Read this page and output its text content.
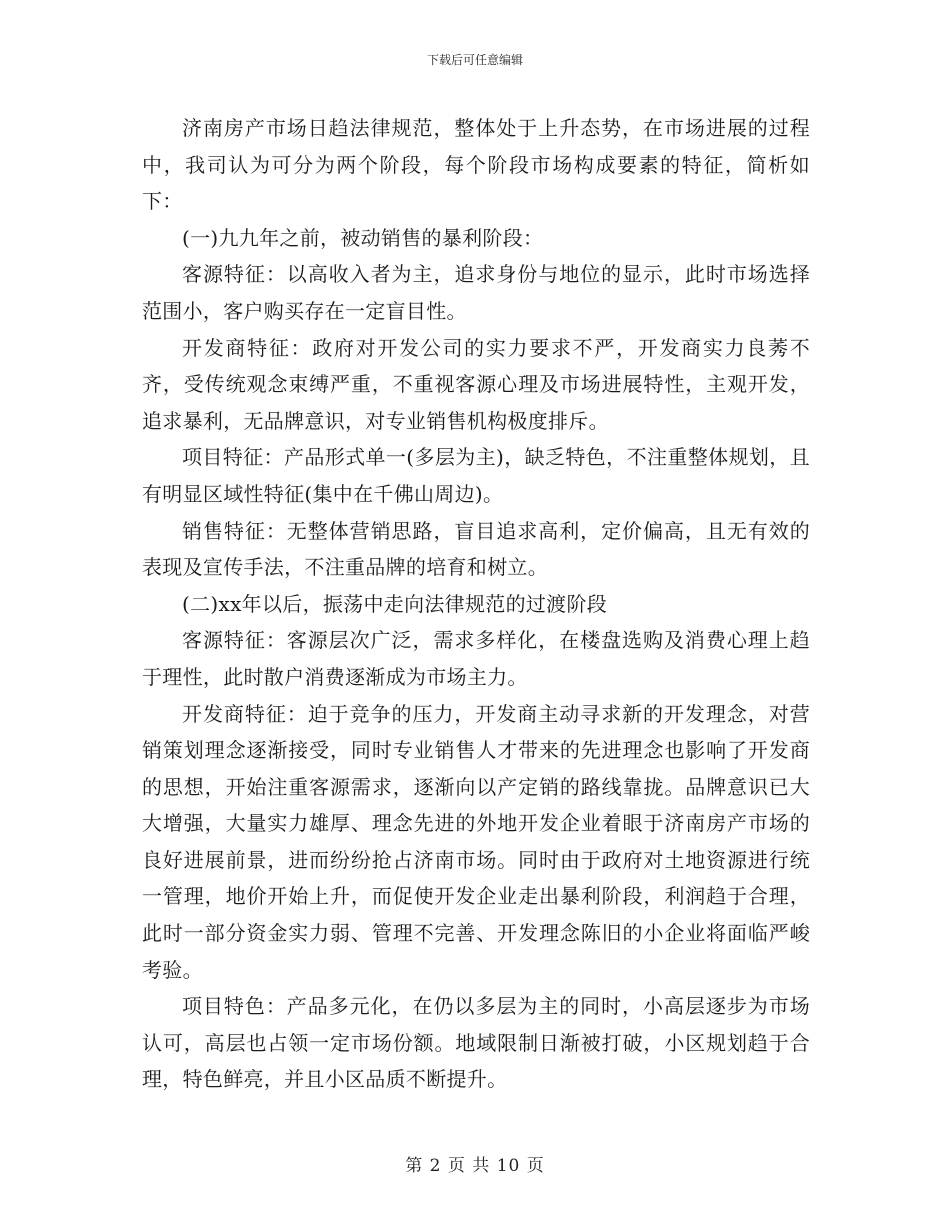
下载后可任意编辑

济南房产市场日趋法律规范，整体处于上升态势，在市场进展的过程中，我司认为可分为两个阶段，每个阶段市场构成要素的特征，简析如下：

(一)九九年之前，被动销售的暴利阶段：

客源特征：以高收入者为主，追求身份与地位的显示，此时市场选择范围小，客户购买存在一定盲目性。

开发商特征：政府对开发公司的实力要求不严，开发商实力良莠不齐，受传统观念束缚严重，不重视客源心理及市场进展特性，主观开发，追求暴利，无品牌意识，对专业销售机构极度排斥。

项目特征：产品形式单一(多层为主)，缺乏特色，不注重整体规划，且有明显区域性特征(集中在千佛山周边)。

销售特征：无整体营销思路，盲目追求高利，定价偏高，且无有效的表现及宣传手法，不注重品牌的培育和树立。

(二)xx年以后，振荡中走向法律规范的过渡阶段

客源特征：客源层次广泛，需求多样化，在楼盘选购及消费心理上趋于理性，此时散户消费逐渐成为市场主力。

开发商特征：迫于竞争的压力，开发商主动寻求新的开发理念，对营销策划理念逐渐接受，同时专业销售人才带来的先进理念也影响了开发商的思想，开始注重客源需求，逐渐向以产定销的路线靠拢。品牌意识已大大增强，大量实力雄厚、理念先进的外地开发企业着眼于济南房产市场的良好进展前景，进而纷纷抢占济南市场。同时由于政府对土地资源进行统一管理，地价开始上升，而促使开发企业走出暴利阶段，利润趋于合理，此时一部分资金实力弱、管理不完善、开发理念陈旧的小企业将面临严峻考验。

项目特色：产品多元化，在仍以多层为主的同时，小高层逐步为市场认可，高层也占领一定市场份额。地域限制日渐被打破，小区规划趋于合理，特色鲜亮，并且小区品质不断提升。

第 2 页 共 10 页
